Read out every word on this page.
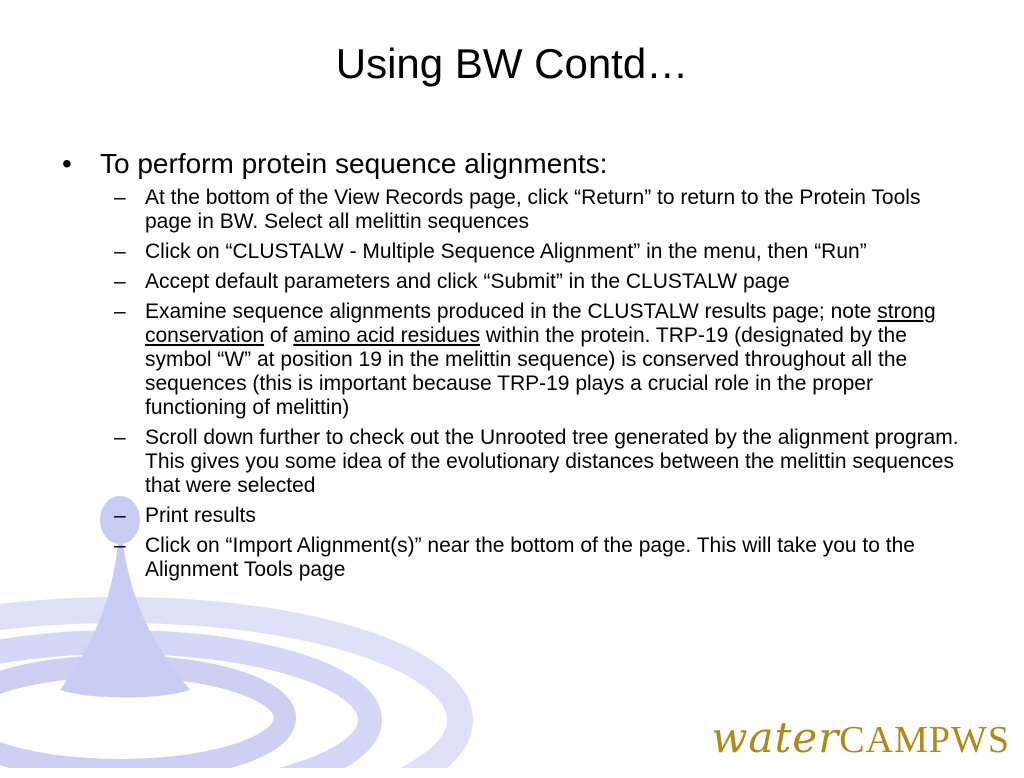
Using BW Contd…
• To perform protein sequence alignments:
– At the bottom of the View Records page, click “Return” to return to the Protein Tools page in BW. Select all melittin sequences
– Click on “CLUSTALW - Multiple Sequence Alignment” in the menu, then “Run”
– Accept default parameters and click “Submit” in the CLUSTALW page
– Examine sequence alignments produced in the CLUSTALW results page; note strong conservation of amino acid residues within the protein. TRP-19 (designated by the symbol “W” at position 19 in the melittin sequence) is conserved throughout all the sequences (this is important because TRP-19 plays a crucial role in the proper functioning of melittin)
– Scroll down further to check out the Unrooted tree generated by the alignment program. This gives you some idea of the evolutionary distances between the melittin sequences that were selected
– Print results
– Click on “Import Alignment(s)” near the bottom of the page. This will take you to the Alignment Tools page
waterCAMPWS
